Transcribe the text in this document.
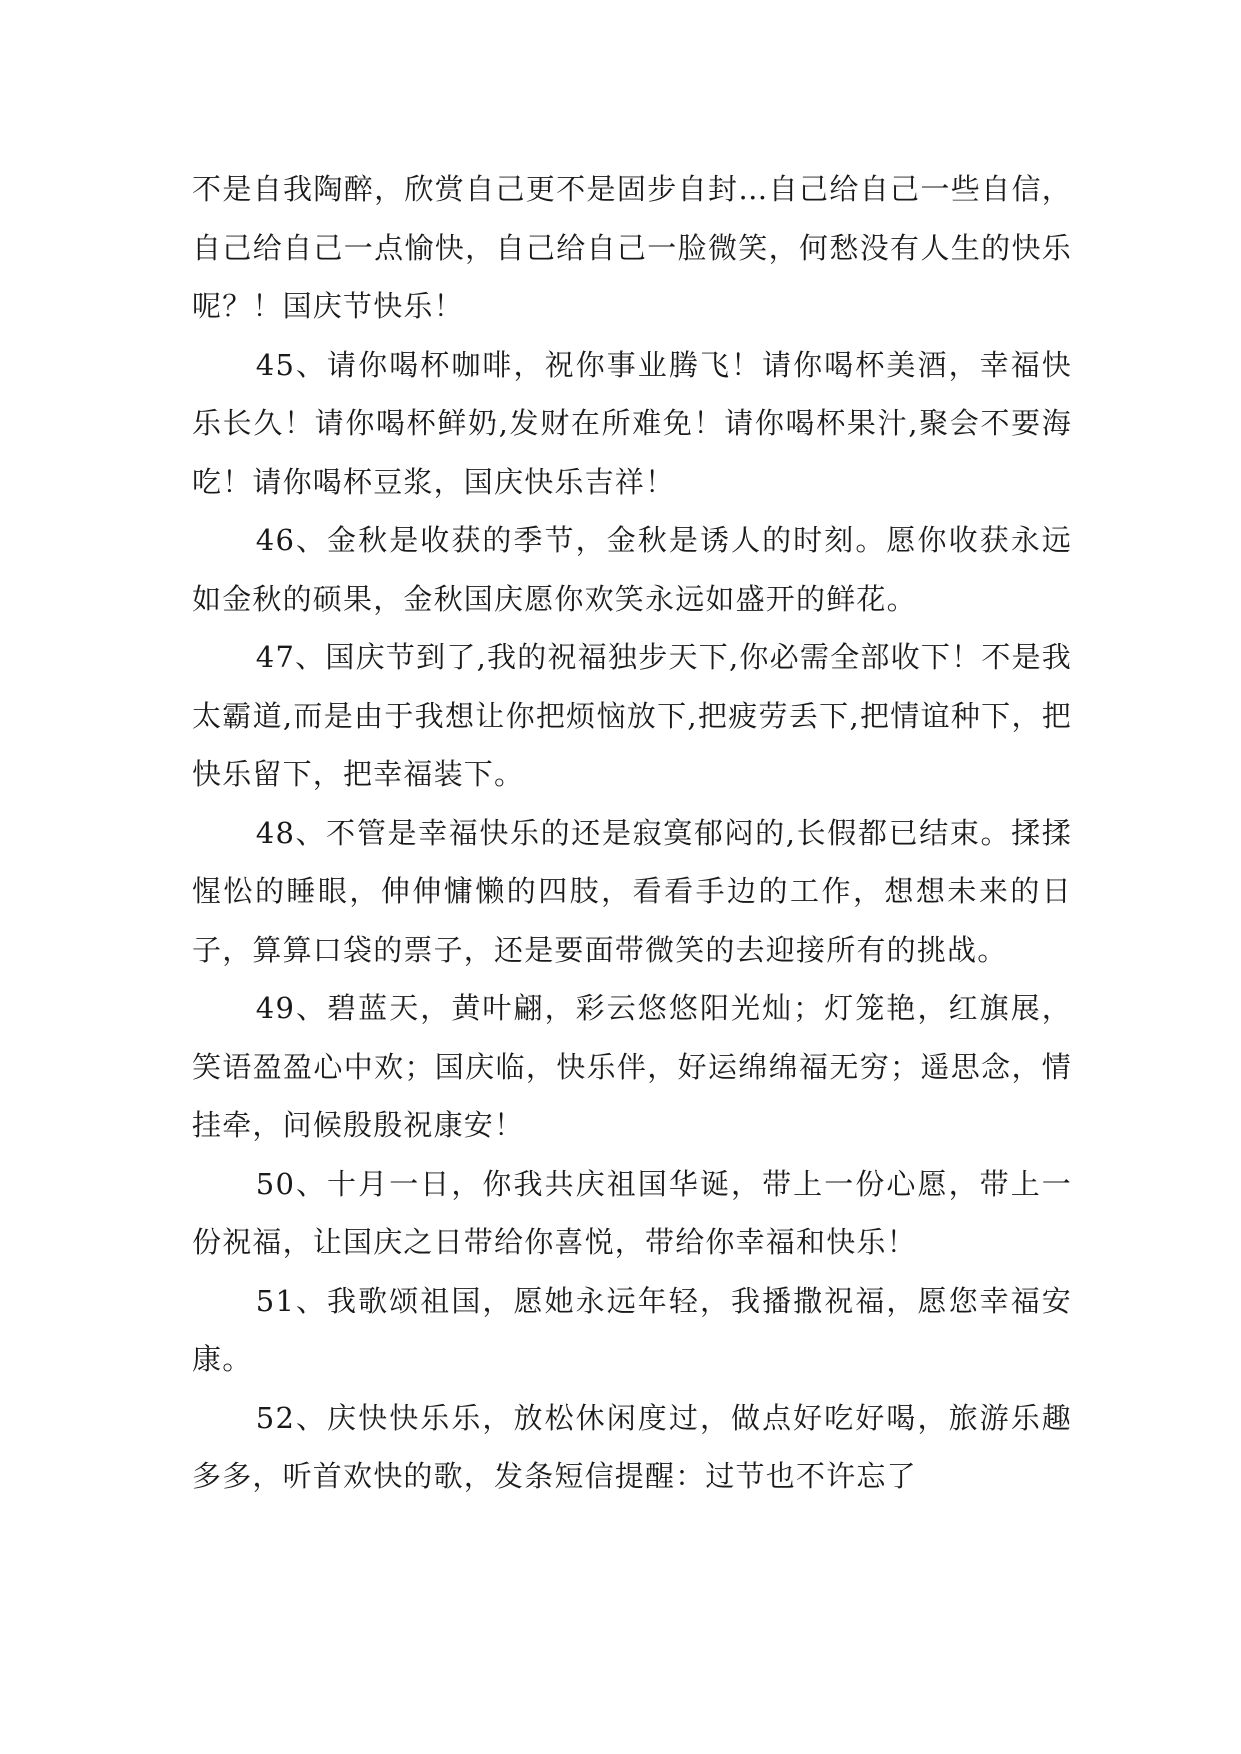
不是自我陶醉，欣赏自己更不是固步自封…自己给自己一些自信，自己给自己一点愉快，自己给自己一脸微笑，何愁没有人生的快乐呢？！国庆节快乐！

45、请你喝杯咖啡，祝你事业腾飞！请你喝杯美酒，幸福快乐长久！请你喝杯鲜奶,发财在所难免！请你喝杯果汁,聚会不要海吃！请你喝杯豆浆，国庆快乐吉祥！

46、金秋是收获的季节，金秋是诱人的时刻。愿你收获永远如金秋的硕果，金秋国庆愿你欢笑永远如盛开的鲜花。

47、国庆节到了,我的祝福独步天下,你必需全部收下！不是我太霸道,而是由于我想让你把烦恼放下,把疲劳丢下,把情谊种下，把快乐留下，把幸福装下。

48、不管是幸福快乐的还是寂寞郁闷的,长假都已结束。揉揉惺忪的睡眼，伸伸慵懒的四肢，看看手边的工作，想想未来的日子，算算口袋的票子，还是要面带微笑的去迎接所有的挑战。

49、碧蓝天，黄叶翩，彩云悠悠阳光灿；灯笼艳，红旗展，笑语盈盈心中欢；国庆临，快乐伴，好运绵绵福无穷；遥思念，情挂牵，问候殷殷祝康安！

50、十月一日，你我共庆祖国华诞，带上一份心愿，带上一份祝福，让国庆之日带给你喜悦，带给你幸福和快乐！

51、我歌颂祖国，愿她永远年轻，我播撒祝福，愿您幸福安康。

52、庆快快乐乐，放松休闲度过，做点好吃好喝，旅游乐趣多多，听首欢快的歌，发条短信提醒：过节也不许忘了
